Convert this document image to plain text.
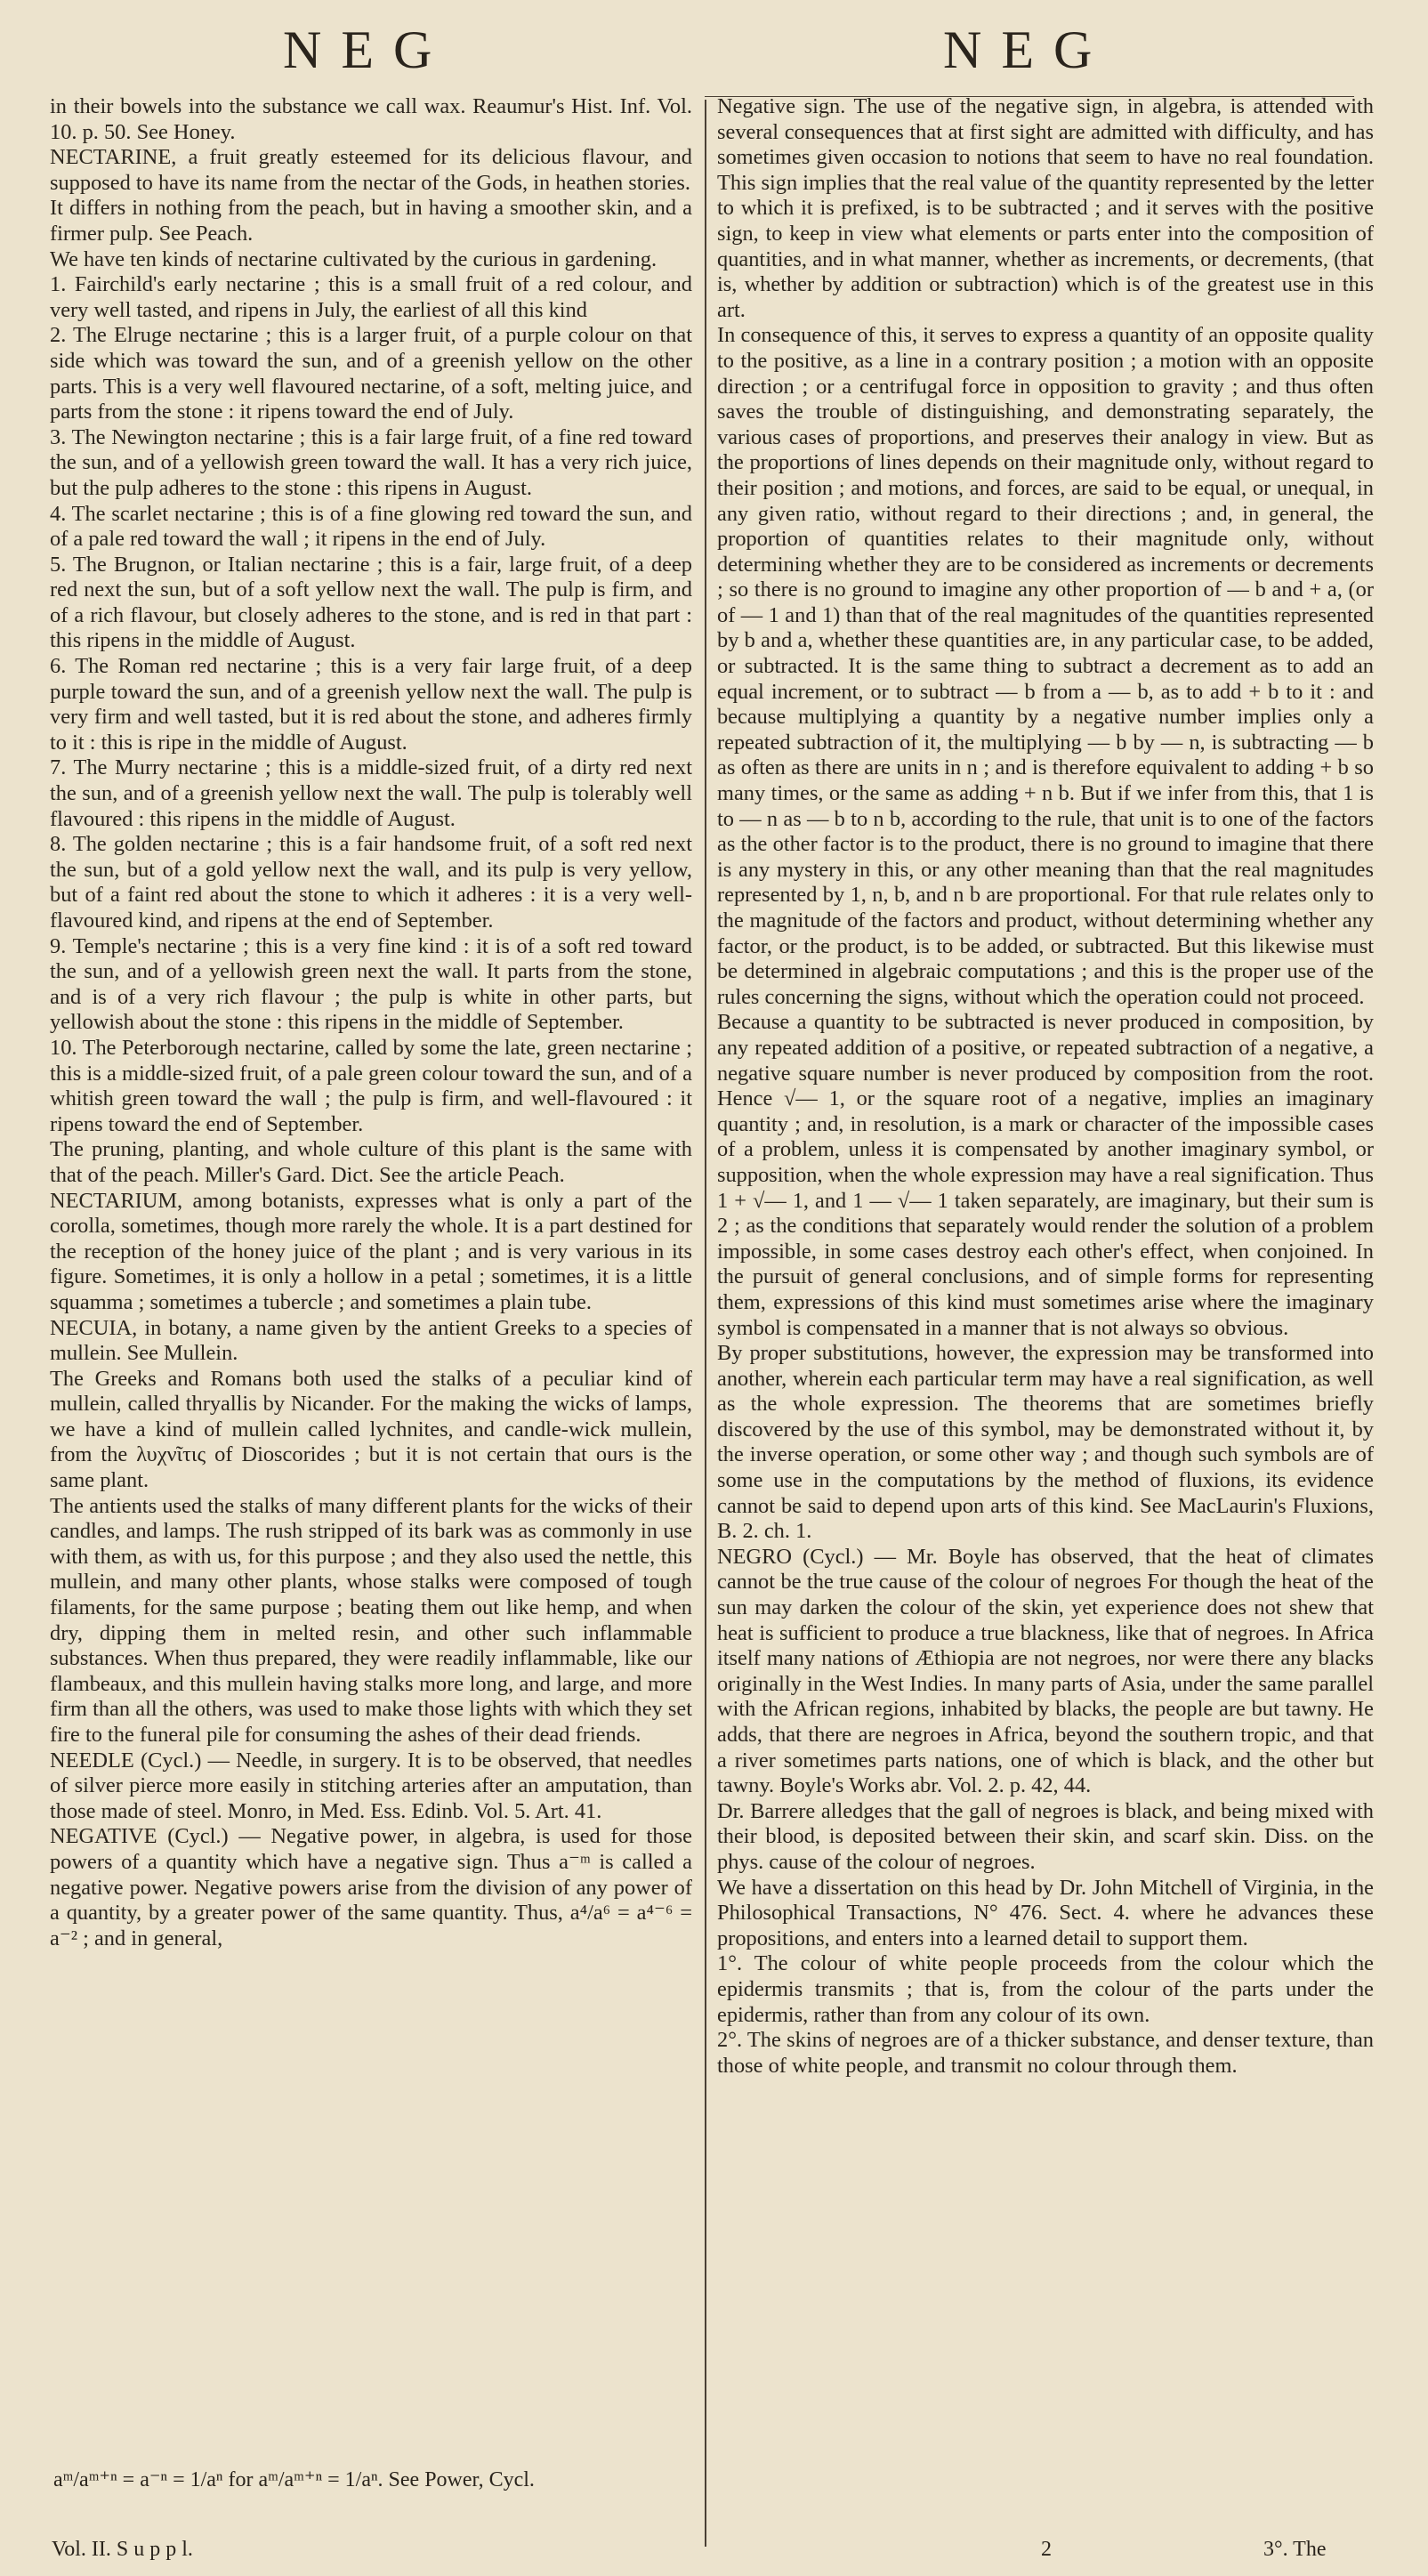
NEG	NEG

in their bowels into the substance we call wax. Reaumur's Hist. Inf. Vol. 10. p. 50. See Honey.

NECTARINE, a fruit greatly esteemed for its delicious flavour, and supposed to have its name from the nectar of the Gods, in heathen stories.

It differs in nothing from the peach, but in having a smoother skin, and a firmer pulp. See Peach.

We have ten kinds of nectarine cultivated by the curious in gardening.

1. Fairchild's early nectarine ; this is a small fruit of a red colour, and very well tasted, and ripens in July, the earliest of all this kind

2. The Elruge nectarine ; this is a larger fruit, of a purple colour on that side which was toward the sun, and of a greenish yellow on the other parts. This is a very well flavoured nectarine, of a soft, melting juice, and parts from the stone : it ripens toward the end of July.

3. The Newington nectarine ; this is a fair large fruit, of a fine red toward the sun, and of a yellowish green toward the wall. It has a very rich juice, but the pulp adheres to the stone : this ripens in August.

4. The scarlet nectarine ; this is of a fine glowing red toward the sun, and of a pale red toward the wall ; it ripens in the end of July.

5. The Brugnon, or Italian nectarine ; this is a fair, large fruit, of a deep red next the sun, but of a soft yellow next the wall. The pulp is firm, and of a rich flavour, but closely adheres to the stone, and is red in that part : this ripens in the middle of August.

6. The Roman red nectarine ; this is a very fair large fruit, of a deep purple toward the sun, and of a greenish yellow next the wall. The pulp is very firm and well tasted, but it is red about the stone, and adheres firmly to it : this is ripe in the middle of August.

7. The Murry nectarine ; this is a middle-sized fruit, of a dirty red next the sun, and of a greenish yellow next the wall. The pulp is tolerably well flavoured : this ripens in the middle of August.

8. The golden nectarine ; this is a fair handsome fruit, of a soft red next the sun, but of a gold yellow next the wall, and its pulp is very yellow, but of a faint red about the stone to which it adheres : it is a very well-flavoured kind, and ripens at the end of September.

9. Temple's nectarine ; this is a very fine kind : it is of a soft red toward the sun, and of a yellowish green next the wall. It parts from the stone, and is of a very rich flavour ; the pulp is white in other parts, but yellowish about the stone : this ripens in the middle of September.

10. The Peterborough nectarine, called by some the late, green nectarine ; this is a middle-sized fruit, of a pale green colour toward the sun, and of a whitish green toward the wall ; the pulp is firm, and well-flavoured : it ripens toward the end of September.

The pruning, planting, and whole culture of this plant is the same with that of the peach. Miller's Gard. Dict. See the article Peach.

NECTARIUM, among botanists, expresses what is only a part of the corolla, sometimes, though more rarely the whole. It is a part destined for the reception of the honey juice of the plant ; and is very various in its figure. Sometimes, it is only a hollow in a petal ; sometimes, it is a little squamma ; sometimes a tubercle ; and sometimes a plain tube.

NECUIA, in botany, a name given by the antient Greeks to a species of mullein. See Mullein.

The Greeks and Romans both used the stalks of a peculiar kind of mullein, called thryallis by Nicander. For the making the wicks of lamps, we have a kind of mullein called lychnites, and candle-wick mullein, from the λυχνῖτις of Dioscorides ; but it is not certain that ours is the same plant.

The antients used the stalks of many different plants for the wicks of their candles, and lamps. The rush stripped of its bark was as commonly in use with them, as with us, for this purpose ; and they also used the nettle, this mullein, and many other plants, whose stalks were composed of tough filaments, for the same purpose ; beating them out like hemp, and when dry, dipping them in melted resin, and other such inflammable substances. When thus prepared, they were readily inflammable, like our flambeaux, and this mullein having stalks more long, and large, and more firm than all the others, was used to make those lights with which they set fire to the funeral pile for consuming the ashes of their dead friends.

NEEDLE (Cycl.) — Needle, in surgery. It is to be observed, that needles of silver pierce more easily in stitching arteries after an amputation, than those made of steel. Monro, in Med. Ess. Edinb. Vol. 5. Art. 41.

NEGATIVE (Cycl.) — Negative power, in algebra, is used for those powers of a quantity which have a negative sign. Thus a⁻ᵐ is called a negative power. Negative powers arise from the division of any power of a quantity, by a greater power of the same quantity. Thus, a⁴/a⁶ = a⁴⁻⁶ = a⁻² ; and in general,

aᵐ/aᵐ⁺ⁿ = a⁻ⁿ = 1/aⁿ for aᵐ/aᵐ⁺ⁿ = 1/aⁿ. See Power, Cycl.

Negative sign. The use of the negative sign, in algebra, is attended with several consequences that at first sight are admitted with difficulty, and has sometimes given occasion to notions that seem to have no real foundation. This sign implies that the real value of the quantity represented by the letter to which it is prefixed, is to be subtracted ; and it serves with the positive sign, to keep in view what elements or parts enter into the composition of quantities, and in what manner, whether as increments, or decrements, (that is, whether by addition or subtraction) which is of the greatest use in this art.

In consequence of this, it serves to express a quantity of an opposite quality to the positive, as a line in a contrary position ; a motion with an opposite direction ; or a centrifugal force in opposition to gravity ; and thus often saves the trouble of distinguishing, and demonstrating separately, the various cases of proportions, and preserves their analogy in view. But as the proportions of lines depends on their magnitude only, without regard to their position ; and motions, and forces, are said to be equal, or unequal, in any given ratio, without regard to their directions ; and, in general, the proportion of quantities relates to their magnitude only, without determining whether they are to be considered as increments or decrements ; so there is no ground to imagine any other proportion of — b and + a, (or of — 1 and 1) than that of the real magnitudes of the quantities represented by b and a, whether these quantities are, in any particular case, to be added, or subtracted. It is the same thing to subtract a decrement as to add an equal increment, or to subtract — b from a — b, as to add + b to it : and because multiplying a quantity by a negative number implies only a repeated subtraction of it, the multiplying — b by — n, is subtracting — b as often as there are units in n ; and is therefore equivalent to adding + b so many times, or the same as adding + n b. But if we infer from this, that 1 is to — n as — b to n b, according to the rule, that unit is to one of the factors as the other factor is to the product, there is no ground to imagine that there is any mystery in this, or any other meaning than that the real magnitudes represented by 1, n, b, and n b are proportional. For that rule relates only to the magnitude of the factors and product, without determining whether any factor, or the product, is to be added, or subtracted. But this likewise must be determined in algebraic computations ; and this is the proper use of the rules concerning the signs, without which the operation could not proceed.

Because a quantity to be subtracted is never produced in composition, by any repeated addition of a positive, or repeated subtraction of a negative, a negative square number is never produced by composition from the root. Hence √— 1, or the square root of a negative, implies an imaginary quantity ; and, in resolution, is a mark or character of the impossible cases of a problem, unless it is compensated by another imaginary symbol, or supposition, when the whole expression may have a real signification. Thus 1 + √— 1, and 1 — √— 1 taken separately, are imaginary, but their sum is 2 ; as the conditions that separately would render the solution of a problem impossible, in some cases destroy each other's effect, when conjoined. In the pursuit of general conclusions, and of simple forms for representing them, expressions of this kind must sometimes arise where the imaginary symbol is compensated in a manner that is not always so obvious.

By proper substitutions, however, the expression may be transformed into another, wherein each particular term may have a real signification, as well as the whole expression. The theorems that are sometimes briefly discovered by the use of this symbol, may be demonstrated without it, by the inverse operation, or some other way ; and though such symbols are of some use in the computations by the method of fluxions, its evidence cannot be said to depend upon arts of this kind. See MacLaurin's Fluxions, B. 2. ch. 1.

NEGRO (Cycl.) — Mr. Boyle has observed, that the heat of climates cannot be the true cause of the colour of negroes For though the heat of the sun may darken the colour of the skin, yet experience does not shew that heat is sufficient to produce a true blackness, like that of negroes. In Africa itself many nations of Æthiopia are not negroes, nor were there any blacks originally in the West Indies. In many parts of Asia, under the same parallel with the African regions, inhabited by blacks, the people are but tawny. He adds, that there are negroes in Africa, beyond the southern tropic, and that a river sometimes parts nations, one of which is black, and the other but tawny. Boyle's Works abr. Vol. 2. p. 42, 44.

Dr. Barrere alledges that the gall of negroes is black, and being mixed with their blood, is deposited between their skin, and scarf skin. Diss. on the phys. cause of the colour of negroes.

We have a dissertation on this head by Dr. John Mitchell of Virginia, in the Philosophical Transactions, N° 476. Sect. 4. where he advances these propositions, and enters into a learned detail to support them.

1°. The colour of white people proceeds from the colour which the epidermis transmits ; that is, from the colour of the parts under the epidermis, rather than from any colour of its own.

2°. The skins of negroes are of a thicker substance, and denser texture, than those of white people, and transmit no colour through them.

Vol. II. S u p p l.	2	3°. The
